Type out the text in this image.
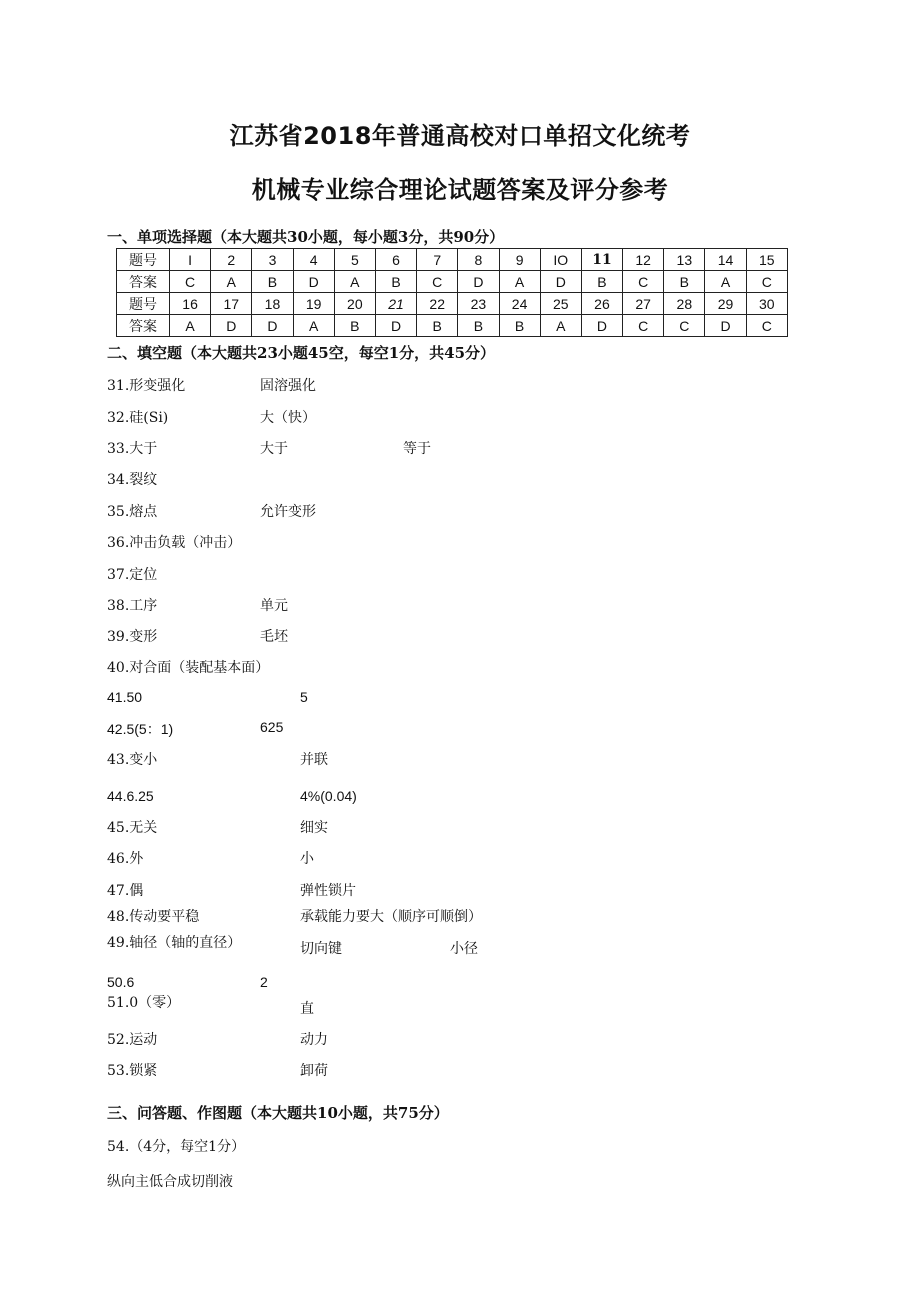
江苏省2018年普通高校对口单招文化统考
机械专业综合理论试题答案及评分参考
一、单项选择题（本大题共30小题，每小题3分，共90分）
题号	I	2	3	4	5	6	7	8	9	IO	11	12	13	14	15
答案	C	A	B	D	A	B	C	D	A	D	B	C	B	A	C
题号	16	17	18	19	20	21	22	23	24	25	26	27	28	29	30
答案	A	D	D	A	B	D	B	B	B	A	D	C	C	D	C
二、填空题（本大题共23小题45空，每空1分，共45分）
31.形变强化	固溶强化
32.硅(Si)	大（快）
33.大于	大于	等于
34.裂纹
35.熔点	允许变形
36.冲击负载（冲击）
37.定位
38.工序	单元
39.变形	毛坯
40.对合面（装配基本面）
41.50	5
42.5(5：1)	625
43.变小	并联
44.6.25	4%(0.04)
45.无关	细实
46.外	小
47.偶	弹性锁片
48.传动要平稳	承载能力要大（顺序可顺倒）
49.轴径（轴的直径）	切向键	小径
50.6	2
51.0（零）	直
52.运动	动力
53.锁紧	卸荷
三、问答题、作图题（本大题共10小题，共75分）
54.（4分，每空1分）
纵向主低合成切削液
